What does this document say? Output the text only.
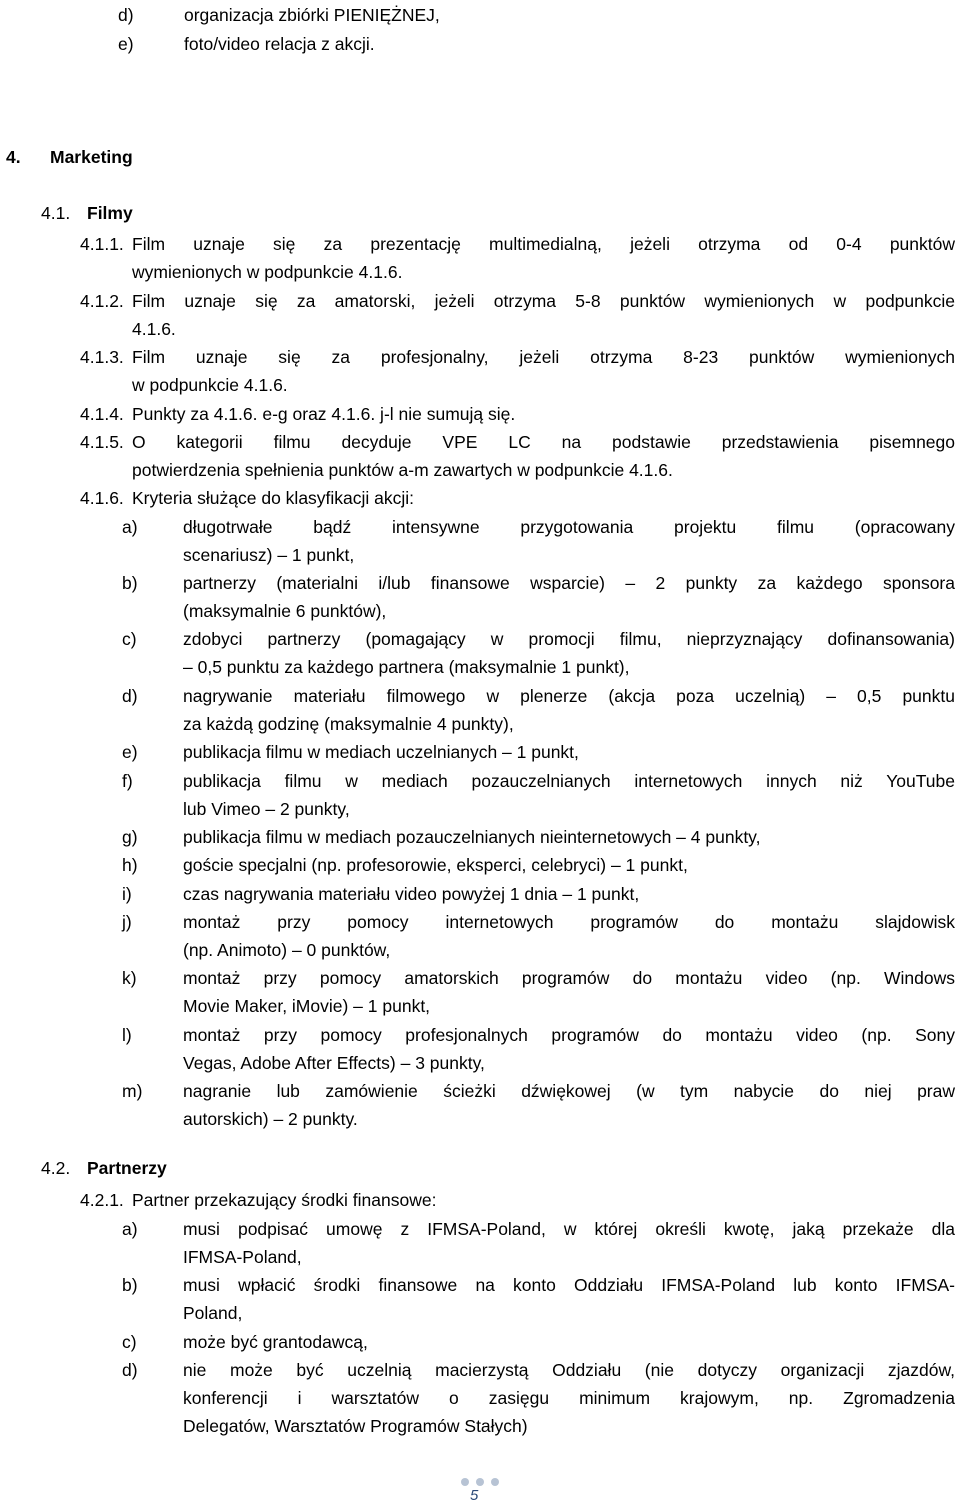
d)	organizacja zbiórki PIENIĘŻNEJ,
e)	foto/video relacja z akcji.
4. Marketing
4.1. Filmy
4.1.1. Film uznaje się za prezentację multimedialną, jeżeli otrzyma od 0-4 punktów
wymienionych w podpunkcie 4.1.6.
4.1.2. Film uznaje się za amatorski, jeżeli otrzyma 5-8 punktów wymienionych w podpunkcie
4.1.6.
4.1.3. Film uznaje się za profesjonalny, jeżeli otrzyma 8-23 punktów wymienionych
w podpunkcie 4.1.6.
4.1.4. Punkty za 4.1.6. e-g oraz 4.1.6. j-l nie sumują się.
4.1.5. O kategorii filmu decyduje VPE LC na podstawie przedstawienia pisemnego
potwierdzenia spełnienia punktów a-m zawartych w podpunkcie 4.1.6.
4.1.6. Kryteria służące do klasyfikacji akcji:
a)	długotrwałe bądź intensywne przygotowania projektu filmu (opracowany
scenariusz) – 1 punkt,
b)	partnerzy (materialni i/lub finansowe wsparcie) – 2 punkty za każdego sponsora
(maksymalnie 6 punktów),
c)	zdobyci partnerzy (pomagający w promocji filmu, nieprzyznający dofinansowania)
– 0,5 punktu za każdego partnera (maksymalnie 1 punkt),
d)	nagrywanie materiału filmowego w plenerze (akcja poza uczelnią) – 0,5 punktu
za każdą godzinę (maksymalnie 4 punkty),
e)	publikacja filmu w mediach uczelnianych – 1 punkt,
f)	publikacja filmu w mediach pozauczelnianych internetowych innych niż YouTube
lub Vimeo – 2 punkty,
g)	publikacja filmu w mediach pozauczelnianych nieinternetowych – 4 punkty,
h)	goście specjalni (np. profesorowie, eksperci, celebryci) – 1 punkt,
i)	czas nagrywania materiału video powyżej 1 dnia – 1 punkt,
j)	montaż przy pomocy internetowych programów do montażu slajdowisk
(np. Animoto) – 0 punktów,
k)	montaż przy pomocy amatorskich programów do montażu video (np. Windows
Movie Maker, iMovie) – 1 punkt,
l)	montaż przy pomocy profesjonalnych programów do montażu video (np. Sony
Vegas, Adobe After Effects) – 3 punkty,
m) nagranie lub zamówienie ścieżki dźwiękowej (w tym nabycie do niej praw
autorskich) – 2 punkty.
4.2. Partnerzy
4.2.1. Partner przekazujący środki finansowe:
a)	musi podpisać umowę z IFMSA-Poland, w której określi kwotę, jaką przekaże dla
IFMSA-Poland,
b)	musi wpłacić środki finansowe na konto Oddziału IFMSA-Poland lub konto IFMSA-
Poland,
c)	może być grantodawcą,
d)	nie może być uczelnią macierzystą Oddziału (nie dotyczy organizacji zjazdów,
konferencji i warsztatów o zasięgu minimum krajowym, np. Zgromadzenia
Delegatów, Warsztatów Programów Stałych)
5
